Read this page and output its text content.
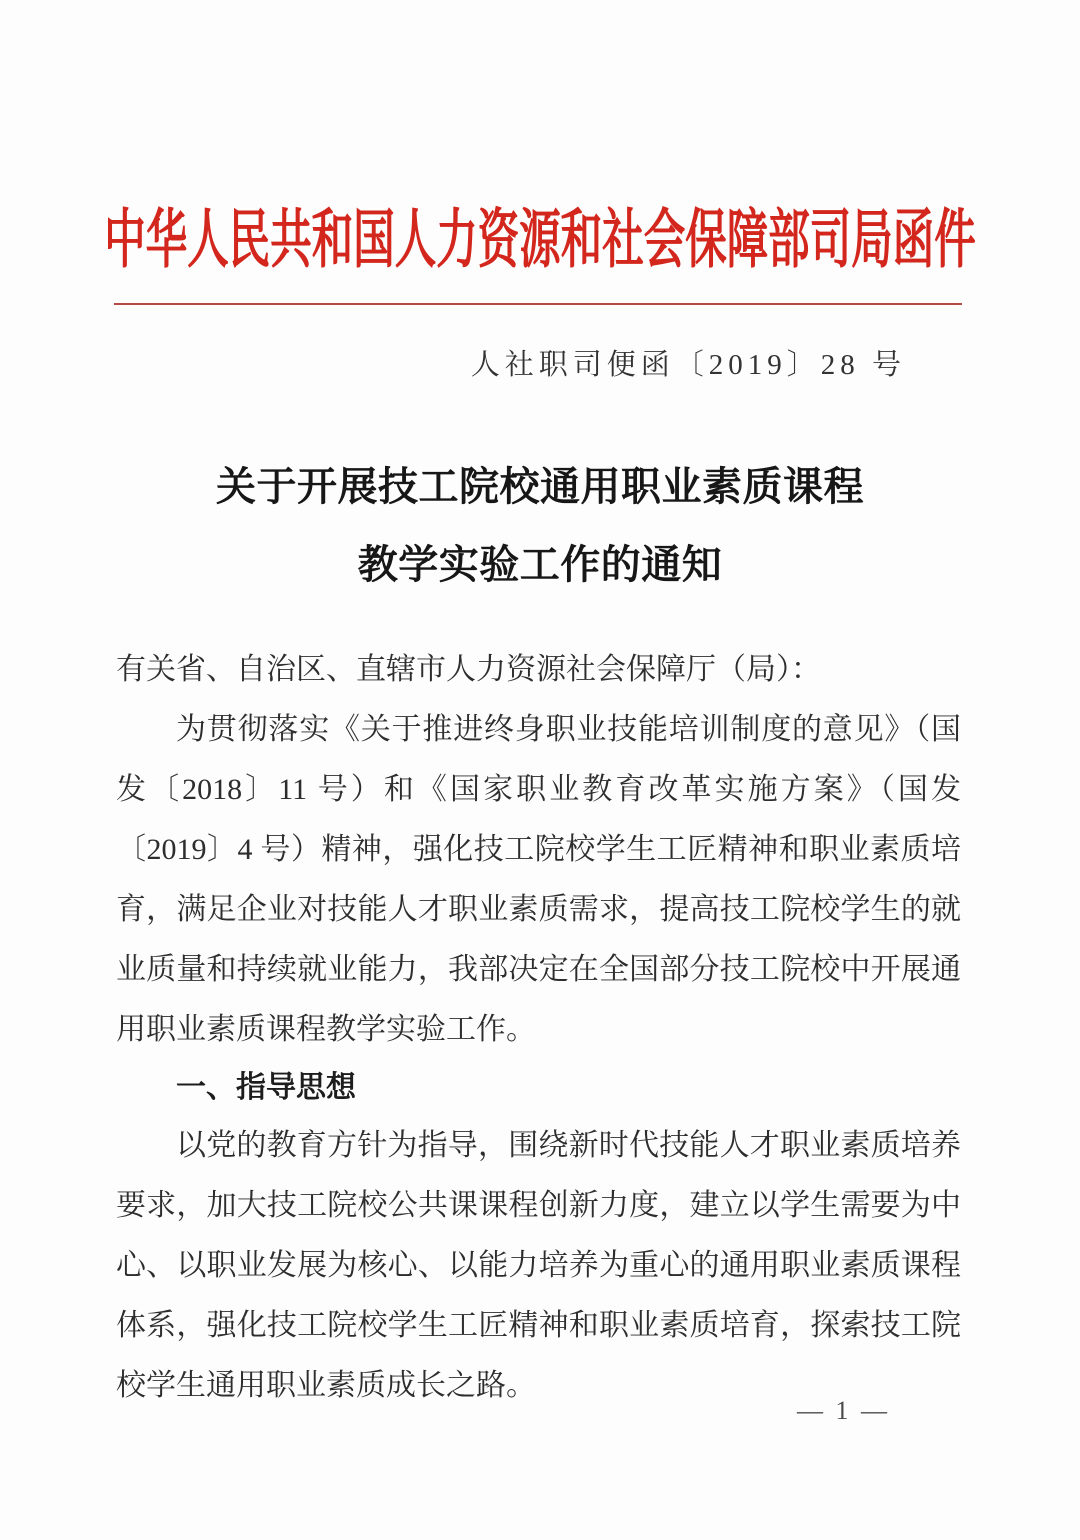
中华人民共和国人力资源和社会保障部司局函件
人社职司便函〔2019〕28 号
关于开展技工院校通用职业素质课程
教学实验工作的通知
有关省、自治区、直辖市人力资源社会保障厅（局）：
为贯彻落实《关于推进终身职业技能培训制度的意见》（国
发〔2018〕11 号）和《国家职业教育改革实施方案》（国发
〔2019〕4 号）精神，强化技工院校学生工匠精神和职业素质培
育，满足企业对技能人才职业素质需求，提高技工院校学生的就
业质量和持续就业能力，我部决定在全国部分技工院校中开展通
用职业素质课程教学实验工作。
一、指导思想
以党的教育方针为指导，围绕新时代技能人才职业素质培养
要求，加大技工院校公共课课程创新力度，建立以学生需要为中
心、以职业发展为核心、以能力培养为重心的通用职业素质课程
体系，强化技工院校学生工匠精神和职业素质培育，探索技工院
校学生通用职业素质成长之路。
— 1 —
